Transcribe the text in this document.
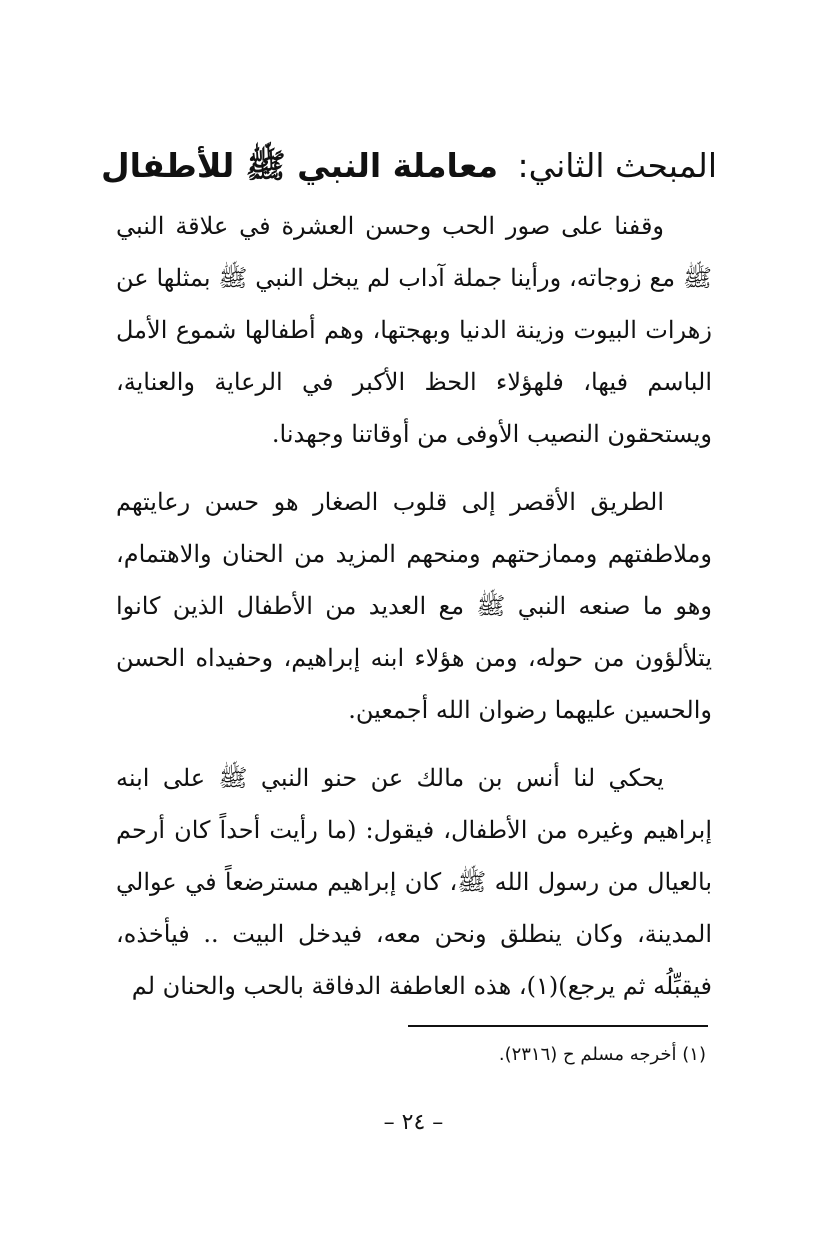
المبحث الثاني: معاملة النبي ﷺ للأطفال

وقفنا على صور الحب وحسن العشرة في علاقة النبي ﷺ مع زوجاته، ورأينا جملة آداب لم يبخل النبي ﷺ بمثلها عن زهرات البيوت وزينة الدنيا وبهجتها، وهم أطفالها شموع الأمل الباسم فيها، فلهؤلاء الحظ الأكبر في الرعاية والعناية، ويستحقون النصيب الأوفى من أوقاتنا وجهدنا.

الطريق الأقصر إلى قلوب الصغار هو حسن رعايتهم وملاطفتهم وممازحتهم ومنحهم المزيد من الحنان والاهتمام، وهو ما صنعه النبي ﷺ مع العديد من الأطفال الذين كانوا يتلألؤون من حوله، ومن هؤلاء ابنه إبراهيم، وحفيداه الحسن والحسين عليهما رضوان الله أجمعين.

يحكي لنا أنس بن مالك عن حنو النبي ﷺ على ابنه إبراهيم وغيره من الأطفال، فيقول: (ما رأيت أحداً كان أرحم بالعيال من رسول الله ﷺ، كان إبراهيم مسترضعاً في عوالي المدينة، وكان ينطلق ونحن معه، فيدخل البيت .. فيأخذه، فيقبِّلُه ثم يرجع)(١)، هذه العاطفة الدفاقة بالحب والحنان لم

(١) أخرجه مسلم ح (٢٣١٦).
– ٢٤ –
